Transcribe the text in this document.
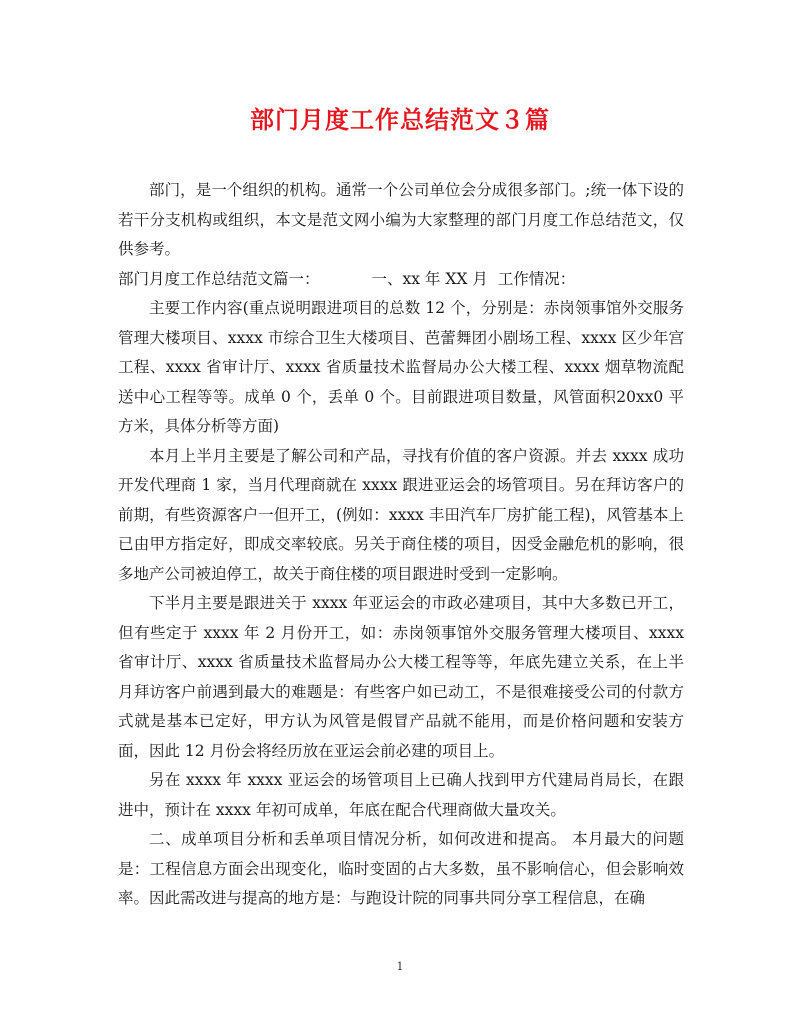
部门月度工作总结范文３篇

部门，是一个组织的机构。通常一个公司单位会分成很多部门。;统一体下设的若干分支机构或组织，本文是范文网小编为大家整理的部门月度工作总结范文，仅供参考。

部门月度工作总结范文篇一：	一、xx 年 XX 月  工作情况：

主要工作内容(重点说明跟进项目的总数 12 个，分别是：赤岗领事馆外交服务管理大楼项目、xxxx 市综合卫生大楼项目、芭蕾舞团小剧场工程、xxxx 区少年宫工程、xxxx 省审计厅、xxxx 省质量技术监督局办公大楼工程、xxxx 烟草物流配送中心工程等等。成单 0 个，丢单 0 个。目前跟进项目数量，风管面积20xx0 平方米，具体分析等方面)

本月上半月主要是了解公司和产品，寻找有价值的客户资源。并去 xxxx 成功开发代理商 1 家，当月代理商就在 xxxx 跟进亚运会的场管项目。另在拜访客户的前期，有些资源客户一但开工，(例如：xxxx 丰田汽车厂房扩能工程)，风管基本上已由甲方指定好，即成交率较底。另关于商住楼的项目，因受金融危机的影响，很多地产公司被迫停工，故关于商住楼的项目跟进时受到一定影响。

下半月主要是跟进关于 xxxx 年亚运会的市政必建项目，其中大多数已开工，但有些定于 xxxx 年 2 月份开工，如：赤岗领事馆外交服务管理大楼项目、xxxx 省审计厅、xxxx 省质量技术监督局办公大楼工程等等，年底先建立关系，在上半月拜访客户前遇到最大的难题是：有些客户如已动工，不是很难接受公司的付款方式就是基本已定好，甲方认为风管是假冒产品就不能用，而是价格问题和安装方面，因此 12 月份会将经历放在亚运会前必建的项目上。

另在 xxxx 年 xxxx 亚运会的场管项目上已确人找到甲方代建局肖局长，在跟进中，预计在 xxxx 年初可成单，年底在配合代理商做大量攻关。

二、成单项目分析和丢单项目情况分析，如何改进和提高。 本月最大的问题是：工程信息方面会出现变化，临时变固的占大多数，虽不影响信心，但会影响效率。因此需改进与提高的地方是：与跑设计院的同事共同分享工程信息，在确

1
